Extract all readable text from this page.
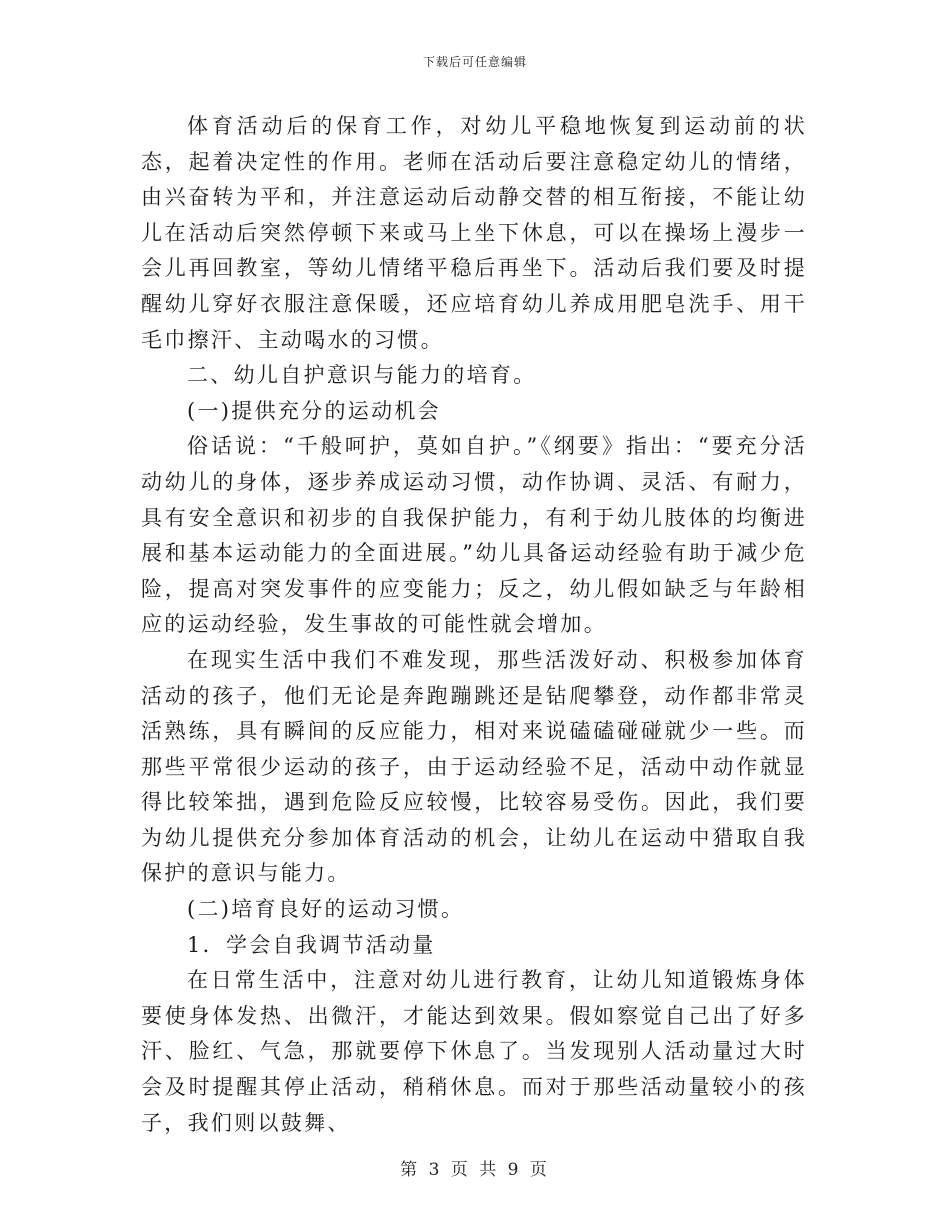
下载后可任意编辑

体育活动后的保育工作，对幼儿平稳地恢复到运动前的状态，起着决定性的作用。老师在活动后要注意稳定幼儿的情绪，由兴奋转为平和，并注意运动后动静交替的相互衔接，不能让幼儿在活动后突然停顿下来或马上坐下休息，可以在操场上漫步一会儿再回教室，等幼儿情绪平稳后再坐下。活动后我们要及时提醒幼儿穿好衣服注意保暖，还应培育幼儿养成用肥皂洗手、用干毛巾擦汗、主动喝水的习惯。

二、幼儿自护意识与能力的培育。

(一)提供充分的运动机会

俗话说：“千般呵护，莫如自护。”《纲要》指出：“要充分活动幼儿的身体，逐步养成运动习惯，动作协调、灵活、有耐力，具有安全意识和初步的自我保护能力，有利于幼儿肢体的均衡进展和基本运动能力的全面进展。”幼儿具备运动经验有助于减少危险，提高对突发事件的应变能力；反之，幼儿假如缺乏与年龄相应的运动经验，发生事故的可能性就会增加。

在现实生活中我们不难发现，那些活泼好动、积极参加体育活动的孩子，他们无论是奔跑蹦跳还是钻爬攀登，动作都非常灵活熟练，具有瞬间的反应能力，相对来说磕磕碰碰就少一些。而那些平常很少运动的孩子，由于运动经验不足，活动中动作就显得比较笨拙，遇到危险反应较慢，比较容易受伤。因此，我们要为幼儿提供充分参加体育活动的机会，让幼儿在运动中猎取自我保护的意识与能力。

(二)培育良好的运动习惯。

1．学会自我调节活动量

在日常生活中，注意对幼儿进行教育，让幼儿知道锻炼身体要使身体发热、出微汗，才能达到效果。假如察觉自己出了好多汗、脸红、气急，那就要停下休息了。当发现别人活动量过大时会及时提醒其停止活动，稍稍休息。而对于那些活动量较小的孩子，我们则以鼓舞、

第 3 页 共 9 页
